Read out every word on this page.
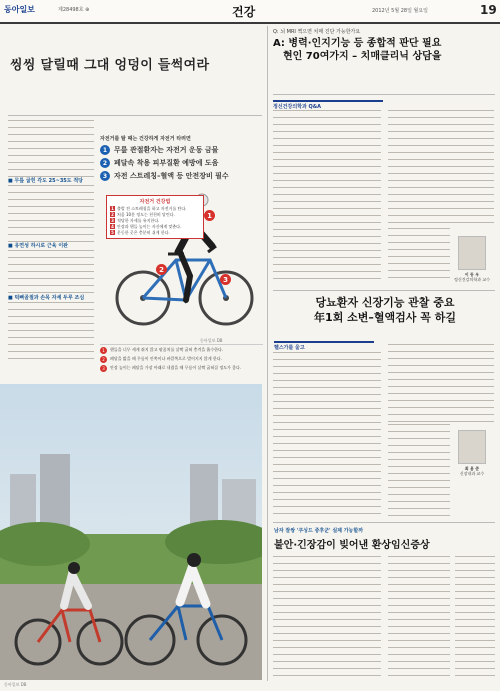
동아일보	제28498호 ⊕	건강	2012년 5월 28일 월요일	19
씽씽 달릴때 그대 엉덩이 들썩여라
■ 무릎 굽힌 각도 25~35도 적당
■ 유연성 하시로 근육 이완
■ 턱뼈골절과 손목 자세 두루 조심
자전거를 탈 때는 건강하게 자전거 타려면
1 무릎 관절환자는 자전거 운동 금물
2 페달속 착용 피부질환 예방에 도움
3 자전 스트레칭–혈액 등 안전장비 필수
1
2
3
자전거 건강법
1 출발 전 스트레칭을 하고 자전거를 탄다.
2 처음 10분 정도는 천천히 달린다.
3 적당한 자세를 유지한다.
4 안장과 핸들 높이는 자신에게 맞춘다.
5 운동한 곳은 충분히 쉬게 한다.
1	핸들을 너무 세게 쥐지 않고 팔꿈치를 살짝 굽혀 충격을 흡수한다.
2	페달을 밟을 때 무릎이 안쪽이나 바깥쪽으로 벌어지지 않게 한다.
3	안장 높이는 페달을 가장 아래로 내렸을 때 무릎이 살짝 굽혀질 정도가 좋다.
동아일보 DB
동아일보 DB
Q: 뇌 MRI 찍으면 치매 진단 가능한가요
A: 병력·인지기능 등 종합적 판단 필요
현인 70여가지 – 치매클리닉 상담을
정신건강의학과 Q&A
이 동 우
정신건강의학과 교수
당뇨환자 신장기능 관찰 중요
年1회 소변–혈액검사 꼭 하길
헬스가를 울고
최 용 준
신장내과 교수
남자 잘쌍 '쿠싱드 증후군' 실제 가능할까
불안·긴장감이 빚어낸 환상임신증상
